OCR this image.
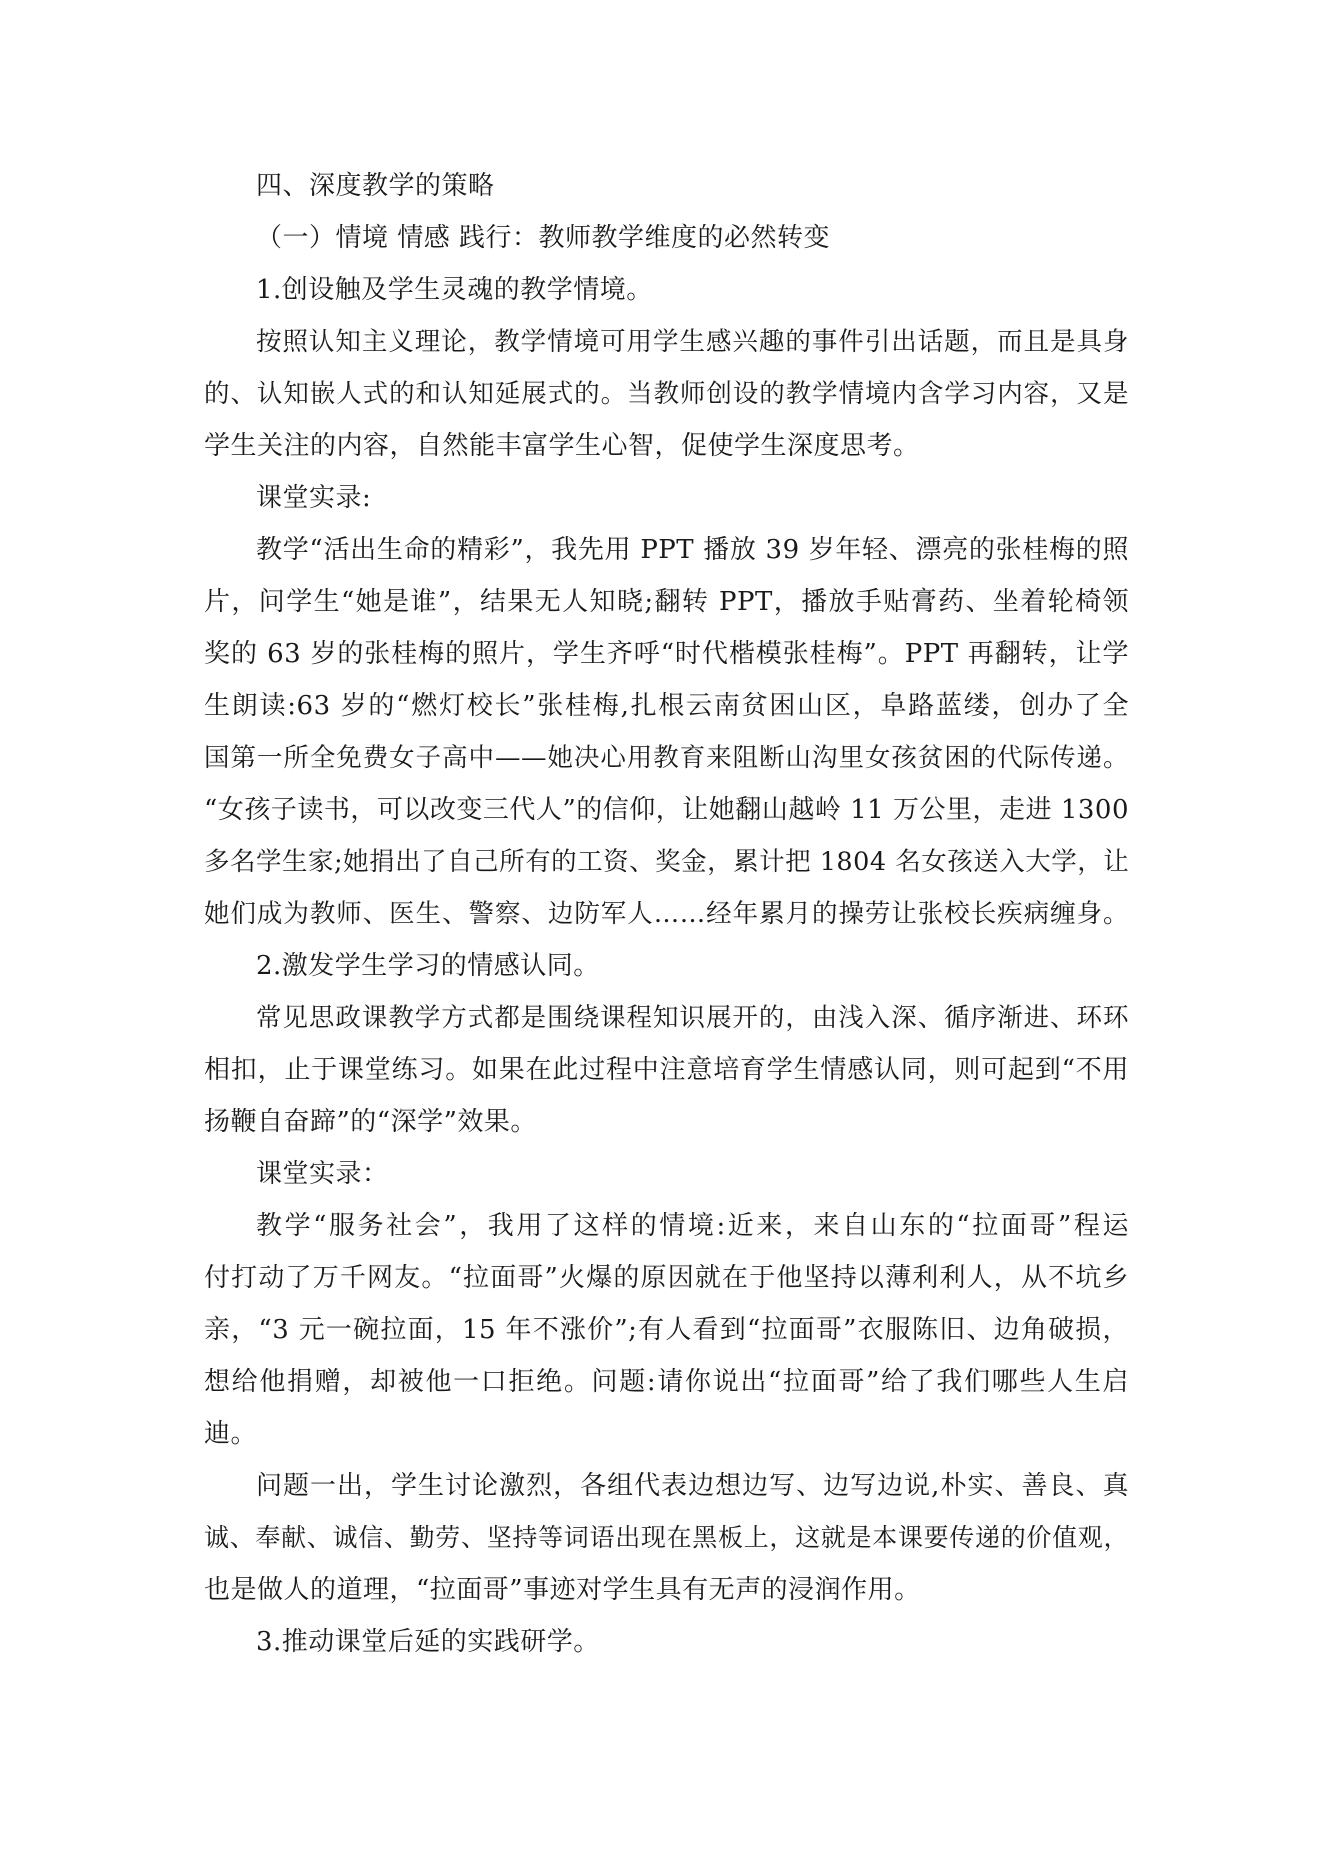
四、深度教学的策略
（一）情境 情感 践行：教师教学维度的必然转变
1.创设触及学生灵魂的教学情境。
按照认知主义理论，教学情境可用学生感兴趣的事件引出话题，而且是具身
的、认知嵌人式的和认知延展式的。当教师创设的教学情境内含学习内容，又是
学生关注的内容，自然能丰富学生心智，促使学生深度思考。
课堂实录:
教学“活出生命的精彩”，我先用 PPT 播放 39 岁年轻、漂亮的张桂梅的照
片，问学生“她是谁”，结果无人知晓;翻转 PPT，播放手贴膏药、坐着轮椅领
奖的 63 岁的张桂梅的照片，学生齐呼“时代楷模张桂梅”。PPT 再翻转，让学
生朗读:63 岁的“燃灯校长”张桂梅,扎根云南贫困山区，阜路蓝缕，创办了全
国第一所全免费女子高中——她决心用教育来阻断山沟里女孩贫困的代际传递。
“女孩子读书，可以改变三代人”的信仰，让她翻山越岭 11 万公里，走进 1300
多名学生家;她捐出了自己所有的工资、奖金，累计把 1804 名女孩送入大学，让
她们成为教师、医生、警察、边防军人……经年累月的操劳让张校长疾病缠身。
2.激发学生学习的情感认同。
常见思政课教学方式都是围绕课程知识展开的，由浅入深、循序渐进、环环
相扣，止于课堂练习。如果在此过程中注意培育学生情感认同，则可起到“不用
扬鞭自奋蹄”的“深学”效果。
课堂实录：
教学“服务社会”，我用了这样的情境:近来，来自山东的“拉面哥”程运
付打动了万千网友。“拉面哥”火爆的原因就在于他坚持以薄利利人，从不坑乡
亲，“3 元一碗拉面，15 年不涨价”;有人看到“拉面哥”衣服陈旧、边角破损，
想给他捐赠，却被他一口拒绝。问题:请你说出“拉面哥”给了我们哪些人生启
迪。
问题一出，学生讨论激烈，各组代表边想边写、边写边说,朴实、善良、真
诚、奉献、诚信、勤劳、坚持等词语出现在黑板上，这就是本课要传递的价值观，
也是做人的道理，“拉面哥”事迹对学生具有无声的浸润作用。
3.推动课堂后延的实践研学。
